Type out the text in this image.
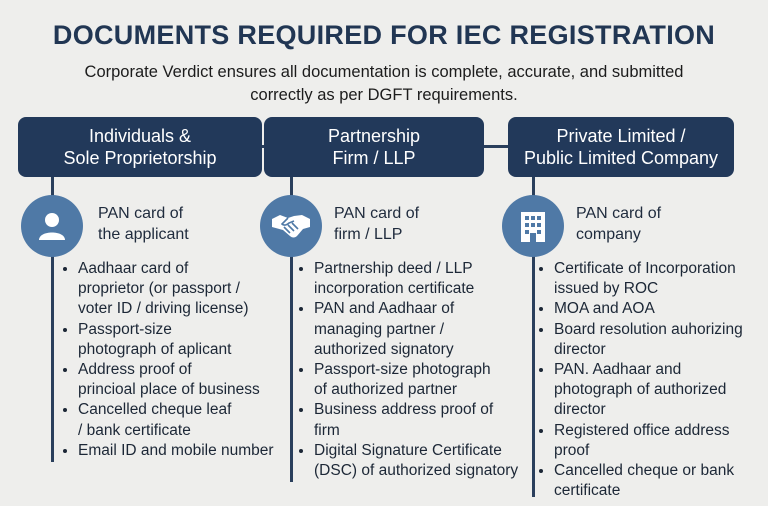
DOCUMENTS REQUIRED FOR IEC REGISTRATION
Corporate Verdict ensures all documentation is complete, accurate, and submitted
correctly as per DGFT requirements.
Individuals &
Sole Proprietorship
PAN card of
the applicant
• Aadhaar card of
proprietor (or passport /
voter ID / driving license)
• Passport-size
photograph of aplicant
• Address proof of
princioal place of business
• Cancelled cheque leaf
/ bank certificate
• Email ID and mobile number
Partnership
Firm / LLP
PAN card of
firm / LLP
• Partnership deed / LLP
incorporation certificate
• PAN and Aadhaar of
managing partner /
authorized signatory
• Passport-size photograph
of authorized partner
• Business address proof of
firm
• Digital Signature Certificate
(DSC) of authorized signatory
Private Limited /
Public Limited Company
PAN card of
company
• Certificate of Incorporation
issued by ROC
• MOA and AOA
• Board resolution auhorizing
director
• PAN. Aadhaar and
photograph of authorized
director
• Registered office address
proof
• Cancelled cheque or bank
certificate
